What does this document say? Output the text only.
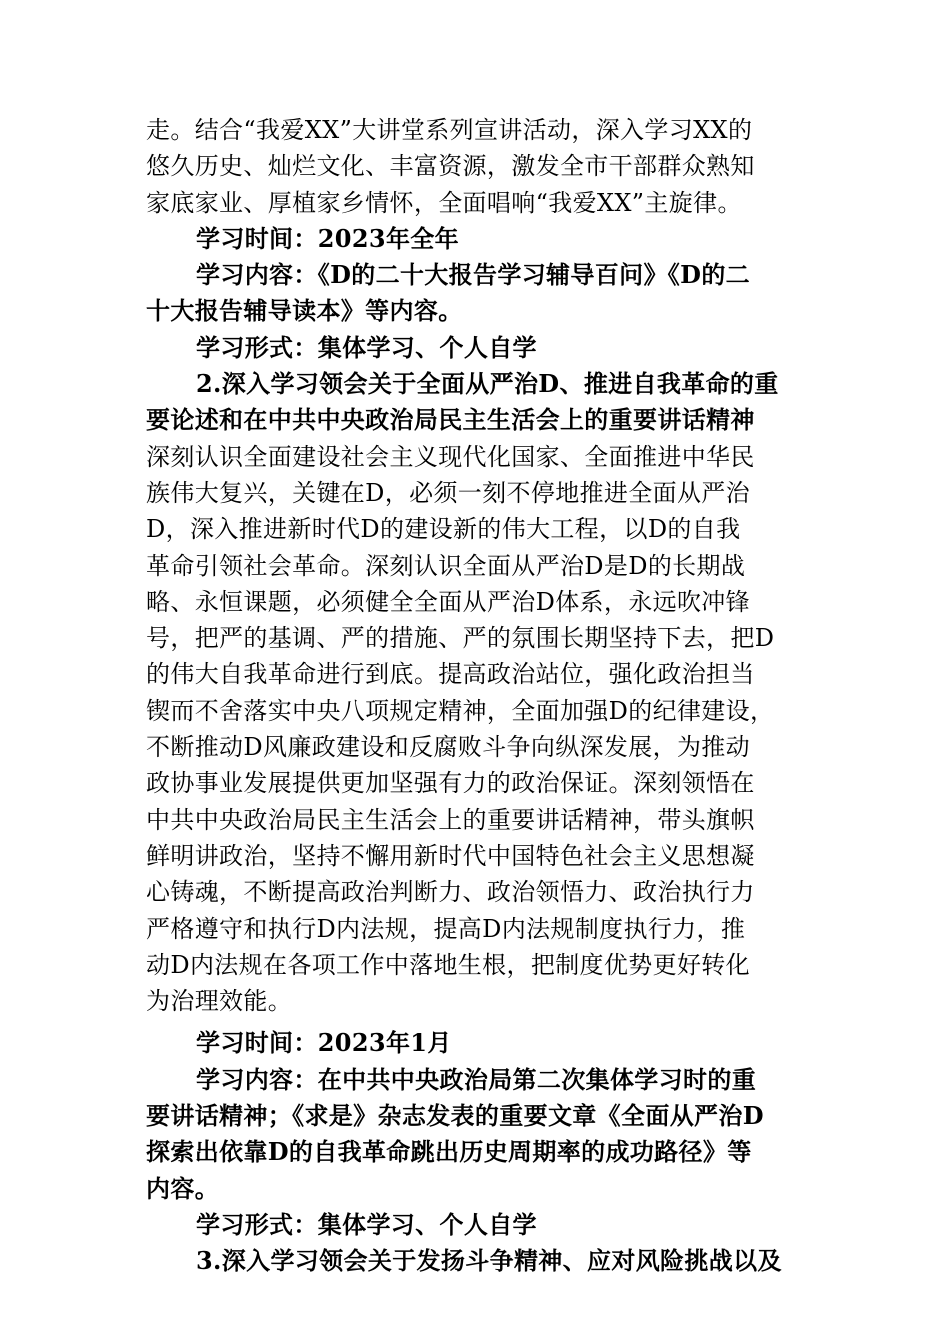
走。结合“我爱XX”大讲堂系列宣讲活动，深入学习XX的
悠久历史、灿烂文化、丰富资源，激发全市干部群众熟知
家底家业、厚植家乡情怀，全面唱响“我爱XX”主旋律。
学习时间：2023年全年
学习内容：《D的二十大报告学习辅导百问》《D的二
十大报告辅导读本》等内容。
学习形式：集体学习、个人自学
2.深入学习领会关于全面从严治D、推进自我革命的重
要论述和在中共中央政治局民主生活会上的重要讲话精神
深刻认识全面建设社会主义现代化国家、全面推进中华民
族伟大复兴，关键在D，必须一刻不停地推进全面从严治
D，深入推进新时代D的建设新的伟大工程，以D的自我
革命引领社会革命。深刻认识全面从严治D是D的长期战
略、永恒课题，必须健全全面从严治D体系，永远吹冲锋
号，把严的基调、严的措施、严的氛围长期坚持下去，把D
的伟大自我革命进行到底。提高政治站位，强化政治担当
锲而不舍落实中央八项规定精神，全面加强D的纪律建设，
不断推动D风廉政建设和反腐败斗争向纵深发展，为推动
政协事业发展提供更加坚强有力的政治保证。深刻领悟在
中共中央政治局民主生活会上的重要讲话精神，带头旗帜
鲜明讲政治，坚持不懈用新时代中国特色社会主义思想凝
心铸魂，不断提高政治判断力、政治领悟力、政治执行力
严格遵守和执行D内法规，提高D内法规制度执行力，推
动D内法规在各项工作中落地生根，把制度优势更好转化
为治理效能。
学习时间：2023年1月
学习内容：在中共中央政治局第二次集体学习时的重
要讲话精神；《求是》杂志发表的重要文章《全面从严治D
探索出依靠D的自我革命跳出历史周期率的成功路径》等
内容。
学习形式：集体学习、个人自学
3.深入学习领会关于发扬斗争精神、应对风险挑战以及
